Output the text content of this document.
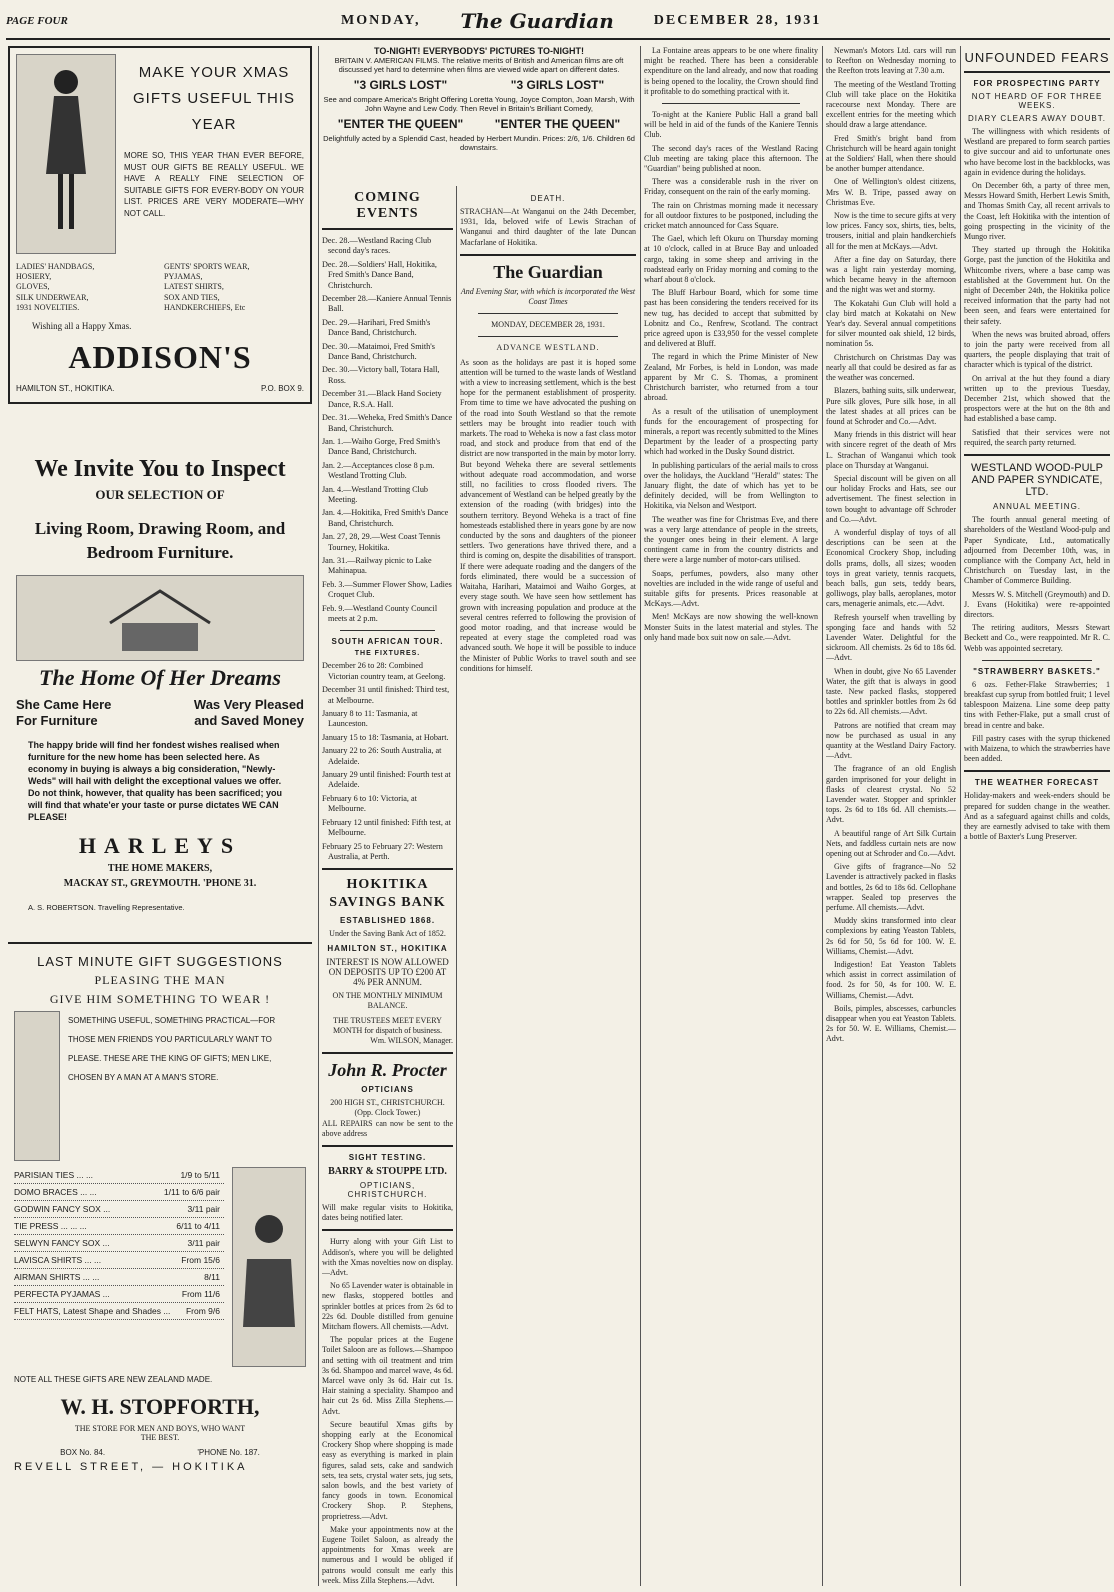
PAGE FOUR	MONDAY, The Guardian	DECEMBER 28, 1931
MAKE YOUR XMAS GIFTS USEFUL THIS YEAR
MORE SO, THIS YEAR THAN EVER BEFORE, MUST OUR GIFTS BE REALLY USEFUL. WE HAVE A REALLY FINE SELECTION OF SUITABLE GIFTS FOR EVERY-BODY ON YOUR LIST. PRICES ARE VERY MODERATE—WHY NOT CALL.
LADIES' HANDBAGS,
HOSIERY,
GLOVES,
SILK UNDERWEAR,
1931 NOVELTIES.
GENTS' SPORTS WEAR,
PYJAMAS,
LATEST SHIRTS,
SOX AND TIES,
HANDKERCHIEFS, Etc
Wishing all a Happy Xmas.
ADDISON'S
HAMILTON ST., HOKITIKA.	P.O. BOX 9.
We Invite You to Inspect
OUR SELECTION OF
Living Room, Drawing Room, and Bedroom Furniture.
The Home Of Her Dreams
She Came Here For Furniture
Was Very Pleased and Saved Money
The happy bride will find her fondest wishes realised when furniture for the new home has been selected here. As economy in buying is always a big consideration, "Newly-Weds" will hail with delight the exceptional values we offer. Do not think, however, that quality has been sacrificed; you will find that whate'er your taste or purse dictates WE CAN PLEASE!
HARLEYS
THE HOME MAKERS,
MACKAY ST., GREYMOUTH. 'PHONE 31.
A. S. ROBERTSON. Travelling Representative.
LAST MINUTE GIFT SUGGESTIONS
PLEASING THE MAN
GIVE HIM SOMETHING TO WEAR !
SOMETHING USEFUL, SOMETHING PRACTICAL—FOR THOSE MEN FRIENDS YOU PARTICULARLY WANT TO PLEASE. THESE ARE THE KING OF GIFTS; MEN LIKE, CHOSEN BY A MAN AT A MAN'S STORE.
PARISIAN TIES ... ...	1/9 to 5/11
DOMO BRACES ... ...	1/11 to 6/6 pair
GODWIN FANCY SOX ...	3/11 pair
TIE PRESS ... ... ...	6/11 to 4/11
SELWYN FANCY SOX ...	3/11 pair
LAVISCA SHIRTS ... ...	From 15/6
AIRMAN SHIRTS ... ...	8/11
PERFECTA PYJAMAS ...	From 11/6
FELT HATS, Latest Shape and Shades ... From 9/6
NOTE ALL THESE GIFTS ARE NEW ZEALAND MADE.
W. H. STOPFORTH,
THE STORE FOR MEN AND BOYS, WHO WANT THE BEST.
BOX No. 84.	'PHONE No. 187.
REVELL STREET, — HOKITIKA
COMING EVENTS
Dec. 28.—Westland Racing Club second day's races.
Dec. 28.—Soldiers' Hall, Hokitika, Fred Smith's Dance Band, Christchurch.
December 28.—Kaniere Annual Tennis Ball.
Dec. 29.—Harihari, Fred Smith's Dance Band, Christchurch.
Dec. 30.—Mataimoi, Fred Smith's Dance Band, Christchurch.
Dec. 30.—Victory ball, Totara Hall, Ross.
December 31.—Black Hand Society Dance, R.S.A. Hall.
Dec. 31.—Weheka, Fred Smith's Dance Band, Christchurch.
Jan. 1.—Waiho Gorge, Fred Smith's Dance Band, Christchurch.
Jan. 2.—Acceptances close 8 p.m. Westland Trotting Club.
Jan. 4.—Westland Trotting Club Meeting.
Jan. 4.—Hokitika, Fred Smith's Dance Band, Christchurch.
Jan. 27, 28, 29.—West Coast Tennis Tourney, Hokitika.
Jan. 31.—Railway picnic to Lake Mahinapua.
Feb. 3.—Summer Flower Show, Ladies Croquet Club.
Feb. 9.—Westland County Council meets at 2 p.m.
SOUTH AFRICAN TOUR.
THE FIXTURES.
December 26 to 28: Combined Victorian country team, at Geelong.
December 31 until finished: Third test, at Melbourne.
January 8 to 11: Tasmania, at Launceston.
January 15 to 18: Tasmania, at Hobart.
January 22 to 26: South Australia, at Adelaide.
January 29 until finished: Fourth test at Adelaide.
February 6 to 10: Victoria, at Melbourne.
February 12 until finished: Fifth test, at Melbourne.
February 25 to February 27: Western Australia, at Perth.
HOKITIKA SAVINGS BANK
ESTABLISHED 1868.
Under the Saving Bank Act of 1852.
HAMILTON ST., HOKITIKA
INTEREST IS NOW ALLOWED ON DEPOSITS UP TO £200 AT 4% PER ANNUM.
ON THE MONTHLY MINIMUM BALANCE.
THE TRUSTEES MEET EVERY MONTH for dispatch of business.
Wm. WILSON, Manager.
John R. Procter
OPTICIANS
200 HIGH ST., CHRISTCHURCH.
(Opp. Clock Tower.)
ALL REPAIRS can now be sent to the above address
SIGHT TESTING.
BARRY & STOUPPE LTD.
OPTICIANS, CHRISTCHURCH.
Will make regular visits to Hokitika, dates being notified later.

Hurry along with your Gift List to Addison's, where you will be delighted with the Xmas novelties now on display.—Advt.

No 65 Lavender water is obtainable in new flasks, stoppered bottles and sprinkler bottles at prices from 2s 6d to 22s 6d. Double distilled from genuine Mitcham flowers. All chemists.—Advt.

The popular prices at the Eugene Toilet Saloon are as follows.—Shampoo and setting with oil treatment and trim 3s 6d. Shampoo and marcel wave, 4s 6d. Marcel wave only 3s 6d. Hair cut 1s. Hair staining a speciality. Shampoo and hair cut 2s 6d. Miss Zilla Stephens.—Advt.

Secure beautiful Xmas gifts by shopping early at the Economical Crockery Shop where shopping is made easy as everything is marked in plain figures, salad sets, cake and sandwich sets, tea sets, crystal water sets, jug sets, salon bowls, and the best variety of fancy goods in town. Economical Crockery Shop. P. Stephens, proprietress.—Advt.

Make your appointments now at the Eugene Toilet Saloon, as already the appointments for Xmas week are numerous and I would be obliged if patrons would consult me early this week. Miss Zilla Stephens.—Advt.

TO-NIGHT! EVERYBODYS' PICTURES TO-NIGHT!
BRITAIN V. AMERICAN FILMS. The relative merits of British and American films are oft discussed yet hard to determine when films are viewed wide apart on different dates.
"3 GIRLS LOST"	"3 GIRLS LOST"
See and compare America's Bright Offering Loretta Young, Joyce Compton, Joan Marsh, With John Wayne and Lew Cody. Then Revel in Britain's Brilliant Comedy,
"ENTER THE QUEEN"	"ENTER THE QUEEN"
Delightfully acted by a Splendid Cast, headed by Herbert Mundin. Prices: 2/6, 1/6. Children 6d downstairs.
DEATH.
STRACHAN—At Wanganui on the 24th December, 1931, Ida, beloved wife of Lewis Strachan of Wanganui and third daughter of the late Duncan Macfarlane of Hokitika.
The Guardian
And Evening Star, with which is incorporated the West Coast Times
MONDAY, DECEMBER 28, 1931.
ADVANCE WESTLAND.
As soon as the holidays are past it is hoped some attention will be turned to the waste lands of Westland with a view to increasing settlement, which is the best hope for the permanent establishment of prosperity. From time to time we have advocated the pushing on of the road into South Westland so that the remote settlers may be brought into readier touch with markets. The road to Weheka is now a fast class motor road, and stock and produce from that end of the district are now transported in the main by motor lorry. But beyond Weheka there are several settlements without adequate road accommodation, and worse still, no facilities to cross flooded rivers. The advancement of Westland can be helped greatly by the extension of the roading (with bridges) into the southern territory. Beyond Weheka is a tract of fine homesteads established there in years gone by are now conducted by the sons and daughters of the pioneer settlers. Two generations have thrived there, and a third is coming on, despite the disabilities of transport. If there were adequate roading and the dangers of the fords eliminated, there would be a succession of Waitaha, Harihari, Mataimoi and Waiho Gorges, at every stage south. We have seen how settlement has grown with increasing population and produce at the several centres referred to following the provision of good motor roading, and that increase would be repeated at every stage the completed road was advanced south. We hope it will be possible to induce the Minister of Public Works to travel south and see conditions for himself.

La Fontaine areas appears to be one where finality might be reached. There has been a considerable expenditure on the land already, and now that roading is being opened to the locality, the Crown should find it profitable to do something practical with it.

To-night at the Kaniere Public Hall a grand ball will be held in aid of the funds of the Kaniere Tennis Club.

The second day's races of the Westland Racing Club meeting are taking place this afternoon. The "Guardian" being published at noon.

There was a considerable rush in the river on Friday, consequent on the rain of the early morning.

The rain on Christmas morning made it necessary for all outdoor fixtures to be postponed, including the cricket match announced for Cass Square.

The Gael, which left Okuru on Thursday morning at 10 o'clock, called in at Bruce Bay and unloaded cargo, taking in some sheep and arriving in the roadstead early on Friday morning and coming to the wharf about 8 o'clock.

The Bluff Harbour Board, which for some time past has been considering the tenders received for its new tug, has decided to accept that submitted by Lobnitz and Co., Renfrew, Scotland. The contract price agreed upon is £33,950 for the vessel complete and delivered at Bluff.

The regard in which the Prime Minister of New Zealand, Mr Forbes, is held in London, was made apparent by Mr C. S. Thomas, a prominent Christchurch barrister, who returned from a tour abroad.

As a result of the utilisation of unemployment funds for the encouragement of prospecting for minerals, a report was recently submitted to the Mines Department by the leader of a prospecting party which had worked in the Dusky Sound district.

In publishing particulars of the aerial mails to cross over the holidays, the Auckland "Herald" states: The January flight, the date of which has yet to be definitely decided, will be from Wellington to Hokitika, via Nelson and Westport.

The weather was fine for Christmas Eve, and there was a very large attendance of people in the streets, the younger ones being in their element. A large contingent came in from the country districts and there were a large number of motor-cars utilised.

Soaps, perfumes, powders, also many other novelties are included in the wide range of useful and suitable gifts for presents. Prices reasonable at McKays.—Advt.

Men! McKays are now showing the well-known Monster Suits in the latest material and styles. The only hand made box suit now on sale.—Advt.

Newman's Motors Ltd. cars will run to Reefton on Wednesday morning to the Reefton trots leaving at 7.30 a.m.

The meeting of the Westland Trotting Club will take place on the Hokitika racecourse next Monday. There are excellent entries for the meeting which should draw a large attendance.

Fred Smith's bright band from Christchurch will be heard again tonight at the Soldiers' Hall, when there should be another bumper attendance.

One of Wellington's oldest citizens, Mrs W. B. Tripe, passed away on Christmas Eve.

Now is the time to secure gifts at very low prices. Fancy sox, shirts, ties, belts, trousers, initial and plain handkerchiefs all for the men at McKays.—Advt.

After a fine day on Saturday, there was a light rain yesterday morning, which became heavy in the afternoon and the night was wet and stormy.

The Kokatahi Gun Club will hold a clay bird match at Kokatahi on New Year's day. Several annual competitions for silver mounted oak shield, 12 birds, nomination 5s.

Christchurch on Christmas Day was nearly all that could be desired as far as the weather was concerned.

Blazers, bathing suits, silk underwear, Pure silk gloves, Pure silk hose, in all the latest shades at all prices can be found at Schroder and Co.—Advt.

Many friends in this district will hear with sincere regret of the death of Mrs L. Strachan of Wanganui which took place on Thursday at Wanganui.

Special discount will be given on all our holiday Frocks and Hats, see our advertisement. The finest selection in town bought to advantage off Schroder and Co.—Advt.

A wonderful display of toys of all descriptions can be seen at the Economical Crockery Shop, including dolls prams, dolls, all sizes; wooden toys in great variety, tennis racquets, beach balls, gun sets, teddy bears, golliwogs, play balls, aeroplanes, motor cars, menagerie animals, etc.—Advt.

Refresh yourself when travelling by sponging face and hands with 52 Lavender Water. Delightful for the sickroom. All chemists. 2s 6d to 18s 6d.—Advt.

When in doubt, give No 65 Lavender Water, the gift that is always in good taste. New packed flasks, stoppered bottles and sprinkler bottles from 2s 6d to 22s 6d. All chemists.—Advt.

Patrons are notified that cream may now be purchased as usual in any quantity at the Westland Dairy Factory.—Advt.

The fragrance of an old English garden imprisoned for your delight in flasks of clearest crystal. No 52 Lavender water. Stopper and sprinkler tops. 2s 6d to 18s 6d. All chemists.—Advt.

A beautiful range of Art Silk Curtain Nets, and faddless curtain nets are now opening out at Schroder and Co.—Advt.

Give gifts of fragrance—No 52 Lavender is attractively packed in flasks and bottles, 2s 6d to 18s 6d. Cellophane wrapper. Sealed top preserves the perfume. All chemists.—Advt.

Muddy skins transformed into clear complexions by eating Yeaston Tablets, 2s 6d for 50, 5s 6d for 100. W. E. Williams, Chemist.—Advt.

Indigestion! Eat Yeaston Tablets which assist in correct assimilation of food. 2s for 50, 4s for 100. W. E. Williams, Chemist.—Advt.

Boils, pimples, abscesses, carbuncles disappear when you eat Yeaston Tablets. 2s for 50. W. E. Williams, Chemist.—Advt.

UNFOUNDED FEARS
FOR PROSPECTING PARTY
NOT HEARD OF FOR THREE WEEKS.
DIARY CLEARS AWAY DOUBT.

The willingness with which residents of Westland are prepared to form search parties to give succour and aid to unfortunate ones who have become lost in the backblocks, was again in evidence during the holidays.

On December 6th, a party of three men, Messrs Howard Smith, Herbert Lewis Smith, and Thomas Smith Cay, all recent arrivals to the Coast, left Hokitika with the intention of going prospecting in the vicinity of the Mungo river.

They started up through the Hokitika Gorge, past the junction of the Hokitika and Whitcombe rivers, where a base camp was established at the Government hut. On the night of December 24th, the Hokitika police received information that the party had not been seen, and fears were entertained for their safety.

When the news was bruited abroad, offers to join the party were received from all quarters, the people displaying that trait of character which is typical of the district.

On arrival at the hut they found a diary written up to the previous Tuesday, December 21st, which showed that the prospectors were at the hut on the 8th and had established a base camp.

Satisfied that their services were not required, the search party returned.

WESTLAND WOOD-PULP AND PAPER SYNDICATE, LTD.
ANNUAL MEETING.

The fourth annual general meeting of shareholders of the Westland Wood-pulp and Paper Syndicate, Ltd., automatically adjourned from December 10th, was, in compliance with the Company Act, held in Christchurch on Tuesday last, in the Chamber of Commerce Building.

Messrs W. S. Mitchell (Greymouth) and D. J. Evans (Hokitika) were re-appointed directors.

The retiring auditors, Messrs Stewart Beckett and Co., were reappointed. Mr R. C. Webb was appointed secretary.

"STRAWBERRY BASKETS."

6 ozs. Fether-Flake Strawberries; 1 breakfast cup syrup from bottled fruit; 1 level tablespoon Maizena. Line some deep patty tins with Fether-Flake, put a small crust of bread in centre and bake.

Fill pastry cases with the syrup thickened with Maizena, to which the strawberries have been added.

THE WEATHER FORECAST
Holiday-makers and week-enders should be prepared for sudden change in the weather. And as a safeguard against chills and colds, they are earnestly advised to take with them a bottle of Baxter's Lung Preserver.
